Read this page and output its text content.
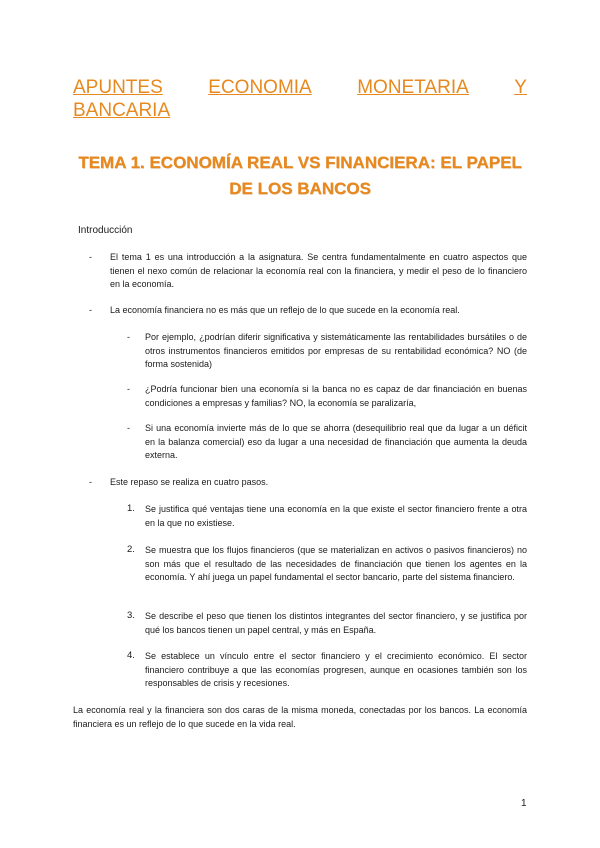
APUNTES ECONOMIA MONETARIA Y
BANCARIA
TEMA 1. ECONOMÍA REAL VS FINANCIERA: EL PAPEL DE LOS BANCOS
Introducción
- El tema 1 es una introducción a la asignatura. Se centra fundamentalmente en cuatro aspectos que tienen el nexo común de relacionar la economía real con la financiera, y medir el peso de lo financiero en la economía.

- La economía financiera no es más que un reflejo de lo que sucede en la economía real.

- Por ejemplo, ¿podrían diferir significativa y sistemáticamente las rentabilidades bursátiles o de otros instrumentos financieros emitidos por empresas de su rentabilidad económica? NO (de forma sostenida)

- ¿Podría funcionar bien una economía si la banca no es capaz de dar financiación en buenas condiciones a empresas y familias? NO, la economía se paralizaría,

- Si una economía invierte más de lo que se ahorra (desequilibrio real que da lugar a un déficit en la balanza comercial) eso da lugar a una necesidad de financiación que aumenta la deuda externa.

- Este repaso se realiza en cuatro pasos.

1. Se justifica qué ventajas tiene una economía en la que existe el sector financiero frente a otra en la que no existiese.

2. Se muestra que los flujos financieros (que se materializan en activos o pasivos financieros) no son más que el resultado de las necesidades de financiación que tienen los agentes en la economía. Y ahí juega un papel fundamental el sector bancario, parte del sistema financiero.

3. Se describe el peso que tienen los distintos integrantes del sector financiero, y se justifica por qué los bancos tienen un papel central, y más en España.

4. Se establece un vínculo entre el sector financiero y el crecimiento económico. El sector financiero contribuye a que las economías progresen, aunque en ocasiones también son los responsables de crisis y recesiones.

La economía real y la financiera son dos caras de la misma moneda, conectadas por los bancos. La economía financiera es un reflejo de lo que sucede en la vida real.

1
